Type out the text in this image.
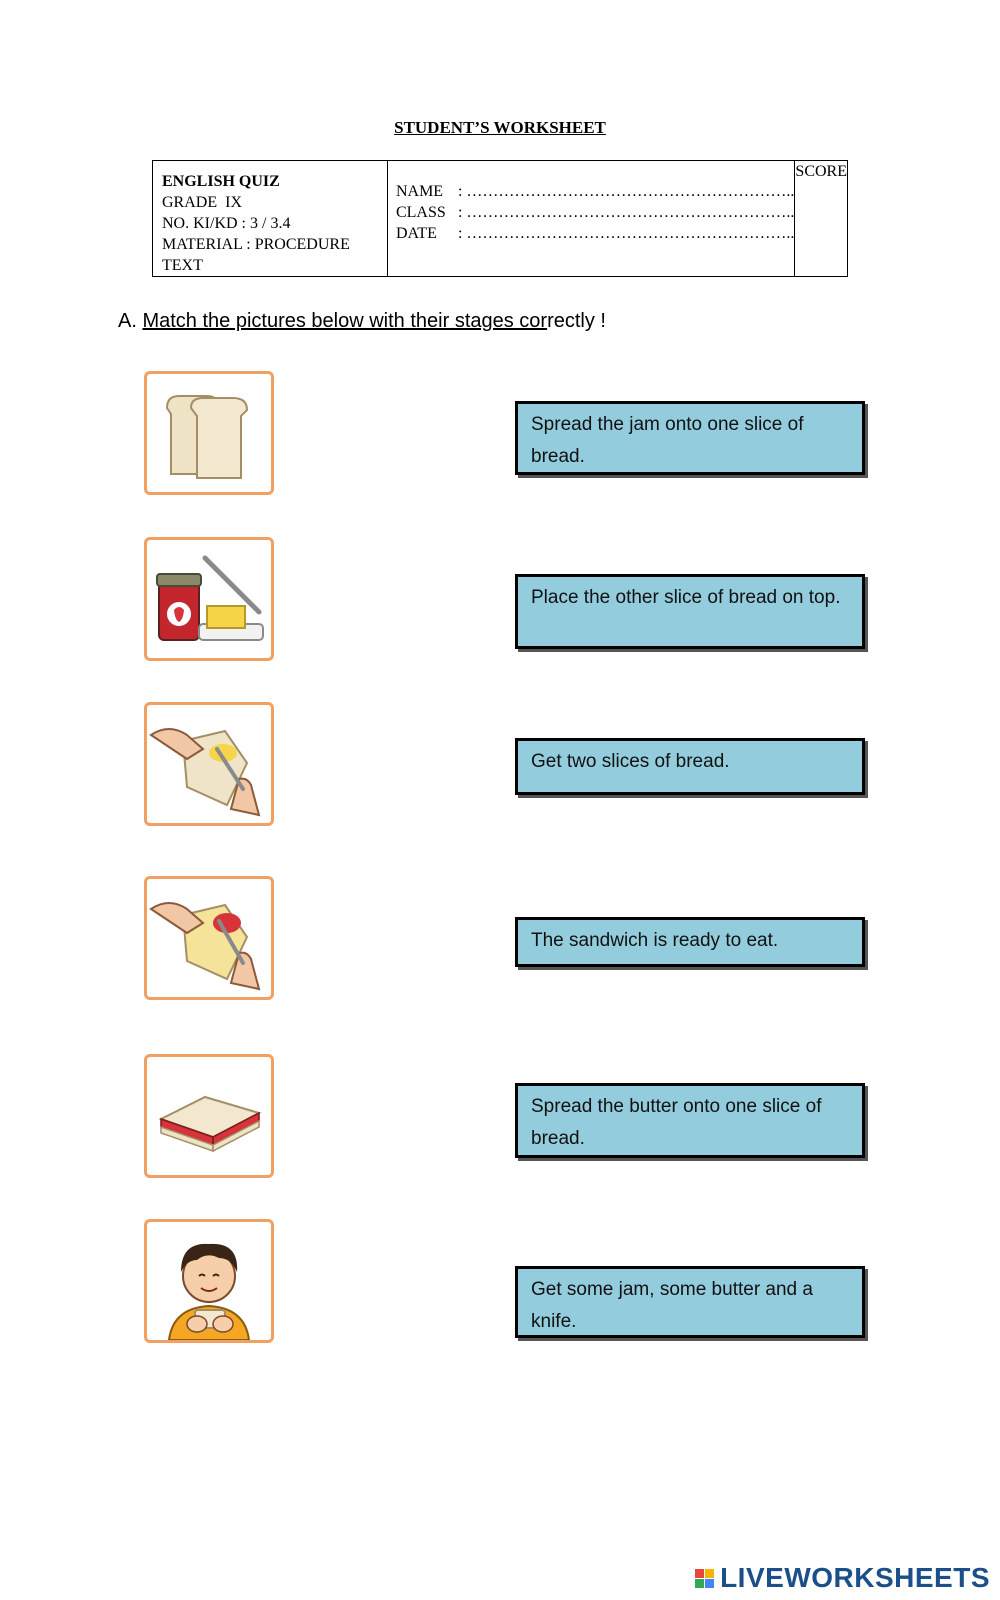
STUDENT’S WORKSHEET
ENGLISH QUIZ
GRADE  IX
NO. KI/KD : 3 / 3.4
MATERIAL : PROCEDURE TEXT

NAME : ……………………………………………………..
CLASS : ……………………………………………………..
DATE	: ……………………………………………………..

SCORE
A. Match the pictures below with their stages correctly !
Spread the jam onto one slice of bread.
Place the other slice of bread on top.
Get two slices of bread.
The sandwich is ready to eat.
Spread the butter onto one slice of bread.
Get some jam, some butter and a knife.
LIVEWORKSHEETS
